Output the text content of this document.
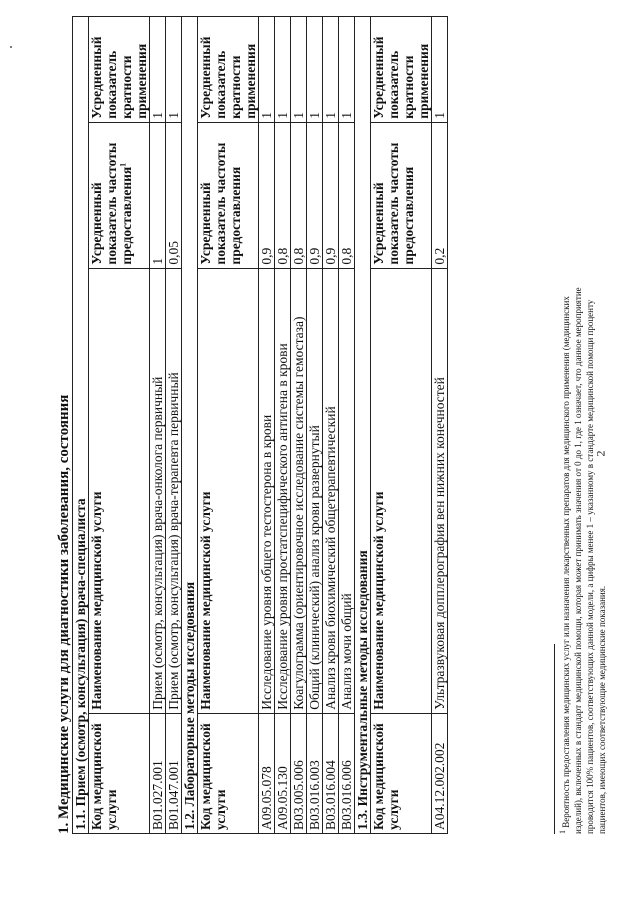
2
1. Медицинские услуги для диагностики заболевания, состояния 1.1. Прием (осмотр, консультация) врача-специалиста			
Код медицинской услуги	Наименование медицинской услуги	Усредненный показатель частоты предоставления$^1$	Усредненный показатель кратности применения
B01.027.001	Прием (осмотр, консультация) врача-онколога первичный	1	1
B01.047.001	Прием (осмотр, консультация) врача-терапевта первичный	0,05	1
1.2. Лабораторные методы исследования			
Код медицинской услуги	Наименование медицинской услуги	Усредненный показатель частоты предоставления	Усредненный показатель кратности применения
A09.05.078	Исследование уровня общего тестостерона в крови	0,9	1
A09.05.130	Исследование уровня простатспецифического антигена в крови	0,8	1
B03.005.006	Коагулограмма (ориентировочное исследование системы гемостаза)	0,8	1
B03.016.003	Общий (клинический) анализ крови развернутый	0,9	1
B03.016.004	Анализ крови биохимический общетерапевтический	0,9	1
B03.016.006	Анализ мочи общий	0,8	1
1.3. Инструментальные методы исследования			
Код медицинской услуги	Наименование медицинской услуги	Усредненный показатель частоты предоставления	Усредненный показатель кратности применения
A04.12.002.002	Ультразвуковая допплерография вен нижних конечностей	0,2	1
$^1$ Вероятность предоставления медицинских услуг или назначения лекарственных препаратов для медицинского применения (медицинских изделий), включенных в стандарт медицинской помощи, которая может принимать значения от 0 до 1, где 1 означает, что данное мероприятие проводится 100% пациентов, соответствующих данной модели, а цифры менее 1 – указанному в стандарте медицинской помощи проценту пациентов, имеющих соответствующие медицинские показания.
